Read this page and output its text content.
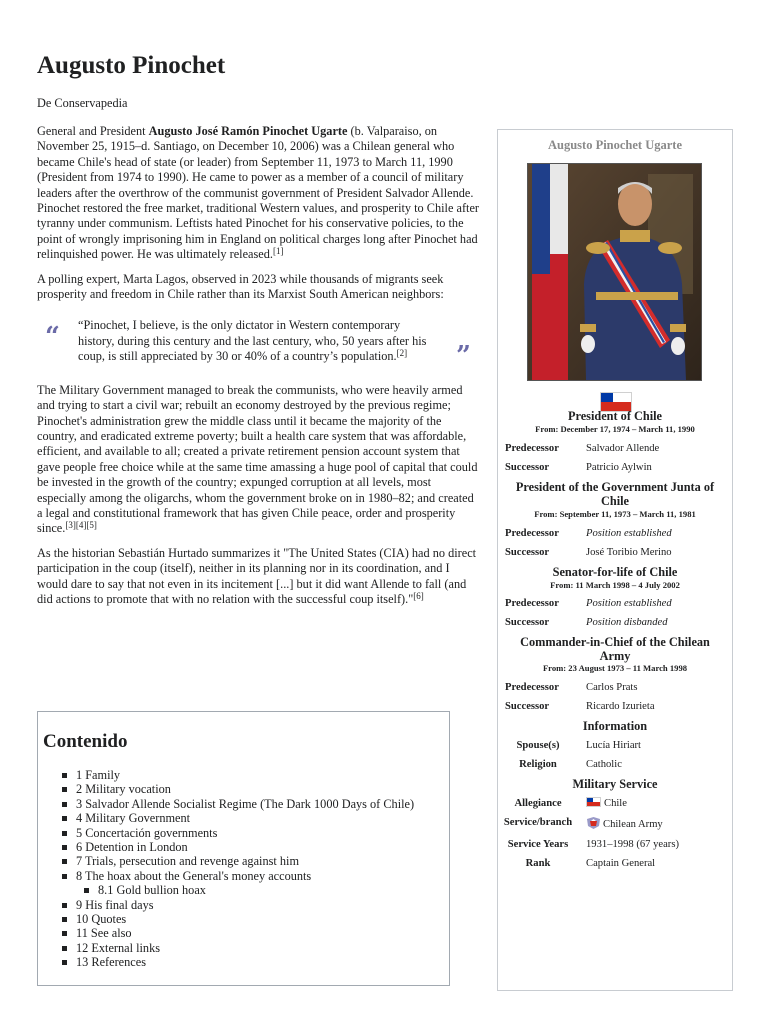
Augusto Pinochet
De Conservapedia

General and President Augusto José Ramón Pinochet Ugarte (b. Valparaiso, on November 25, 1915–d. Santiago, on December 10, 2006) was a Chilean general who became Chile's head of state (or leader) from September 11, 1973 to March 11, 1990 (President from 1974 to 1990). He came to power as a member of a council of military leaders after the overthrow of the communist government of President Salvador Allende. Pinochet restored the free market, traditional Western values, and prosperity to Chile after tyranny under communism. Leftists hated Pinochet for his conservative policies, to the point of wrongly imprisoning him in England on political charges long after Pinochet had relinquished power. He was ultimately released.[1]

A polling expert, Marta Lagos, observed in 2023 while thousands of migrants seek prosperity and freedom in Chile rather than its Marxist South American neighbors:

“ “Pinochet, I believe, is the only dictator in Western contemporary history, during this century and the last century, who, 50 years after his coup, is still appreciated by 30 or 40% of a country’s population.[2] ”

The Military Government managed to break the communists, who were heavily armed and trying to start a civil war; rebuilt an economy destroyed by the previous regime; Pinochet's administration grew the middle class until it became the majority of the country, and eradicated extreme poverty; built a health care system that was affordable, efficient, and available to all; created a private retirement pension account system that gave people free choice while at the same time amassing a huge pool of capital that could be invested in the growth of the country; expunged corruption at all levels, most especially among the oligarchs, whom the government broke on in 1980–82; and created a legal and constitutional framework that has given Chile peace, order and prosperity since.[3][4][5]

As the historian Sebastián Hurtado summarizes it "The United States (CIA) had no direct participation in the coup (itself), neither in its planning nor in its coordination, and I would dare to say that not even in its incitement [...] but it did want Allende to fall (and did actions to promote that with no relation with the successful coup itself)."[6]

Contenido
1 Family
2 Military vocation
3 Salvador Allende Socialist Regime (The Dark 1000 Days of Chile)
4 Military Government
5 Concertación governments
6 Detention in London
7 Trials, persecution and revenge against him
8 The hoax about the General's money accounts
8.1 Gold bullion hoax
9 His final days
10 Quotes
11 See also
12 External links
13 References
Augusto Pinochet Ugarte
President of Chile
From: December 17, 1974 – March 11, 1990
Predecessor	Salvador Allende
Successor	Patricio Aylwin
President of the Government Junta of
Chile
From: September 11, 1973 – March 11, 1981
Predecessor	Position established
Successor	José Toribio Merino
Senator-for-life of Chile
From: 11 March 1998 – 4 July 2002
Predecessor	Position established
Successor	Position disbanded
Commander-in-Chief of the Chilean
Army
From: 23 August 1973 – 11 March 1998
Predecessor	Carlos Prats
Successor	Ricardo Izurieta
Information
Spouse(s)	Lucía Hiriart
Religion	Catholic
Military Service
Allegiance	Chile
Service/branch	Chilean Army
Service Years	1931–1998 (67 years)
Rank	Captain General
